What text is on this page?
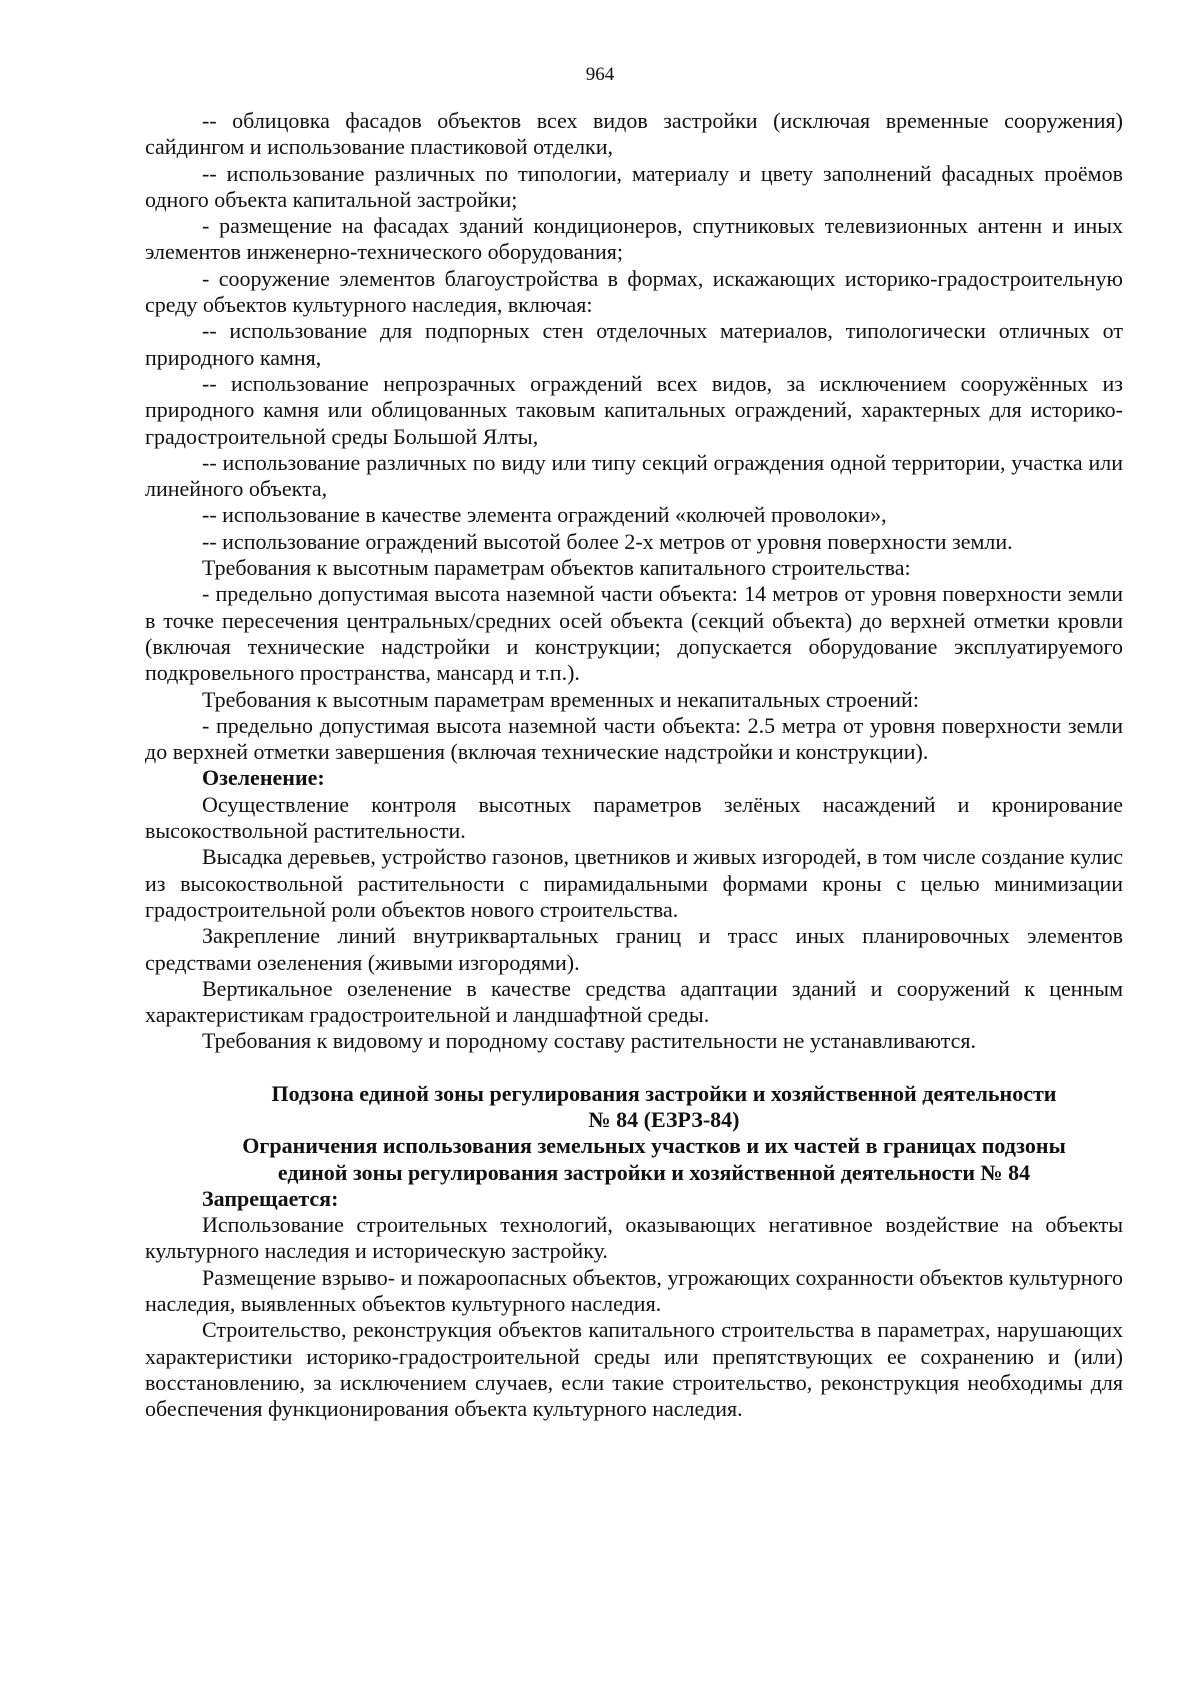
964

-- облицовка фасадов объектов всех видов застройки (исключая временные сооружения) сайдингом и использование пластиковой отделки,

-- использование различных по типологии, материалу и цвету заполнений фасадных проёмов одного объекта капитальной застройки;

- размещение на фасадах зданий кондиционеров, спутниковых телевизионных антенн и иных элементов инженерно-технического оборудования;

- сооружение элементов благоустройства в формах, искажающих историко-градостроительную среду объектов культурного наследия, включая:

-- использование для подпорных стен отделочных материалов, типологически отличных от природного камня,

-- использование непрозрачных ограждений всех видов, за исключением сооружённых из природного камня или облицованных таковым капитальных ограждений, характерных для историко-градостроительной среды Большой Ялты,

-- использование различных по виду или типу секций ограждения одной территории, участка или линейного объекта,

-- использование в качестве элемента ограждений «колючей проволоки»,

-- использование ограждений высотой более 2-х метров от уровня поверхности земли.

Требования к высотным параметрам объектов капитального строительства:

- предельно допустимая высота наземной части объекта: 14 метров от уровня поверхности земли в точке пересечения центральных/средних осей объекта (секций объекта) до верхней отметки кровли (включая технические надстройки и конструкции; допускается оборудование эксплуатируемого подкровельного пространства, мансард и т.п.).

Требования к высотным параметрам временных и некапитальных строений:

- предельно допустимая высота наземной части объекта: 2.5 метра от уровня поверхности земли до верхней отметки завершения (включая технические надстройки и конструкции).

Озеленение:

Осуществление контроля высотных параметров зелёных насаждений и кронирование высокоствольной растительности.

Высадка деревьев, устройство газонов, цветников и живых изгородей, в том числе создание кулис из высокоствольной растительности с пирамидальными формами кроны с целью минимизации градостроительной роли объектов нового строительства.

Закрепление линий внутриквартальных границ и трасс иных планировочных элементов средствами озеленения (живыми изгородями).

Вертикальное озеленение в качестве средства адаптации зданий и сооружений к ценным характеристикам градостроительной и ландшафтной среды.

Требования к видовому и породному составу растительности не устанавливаются.

Подзона единой зоны регулирования застройки и хозяйственной деятельности
№ 84 (ЕЗРЗ-84)
Ограничения использования земельных участков и их частей в границах подзоны
единой зоны регулирования застройки и хозяйственной деятельности № 84

Запрещается:

Использование строительных технологий, оказывающих негативное воздействие на объекты культурного наследия и историческую застройку.

Размещение взрыво- и пожароопасных объектов, угрожающих сохранности объектов культурного наследия, выявленных объектов культурного наследия.

Строительство, реконструкция объектов капитального строительства в параметрах, нарушающих характеристики историко-градостроительной среды или препятствующих ее сохранению и (или) восстановлению, за исключением случаев, если такие строительство, реконструкция необходимы для обеспечения функционирования объекта культурного наследия.
